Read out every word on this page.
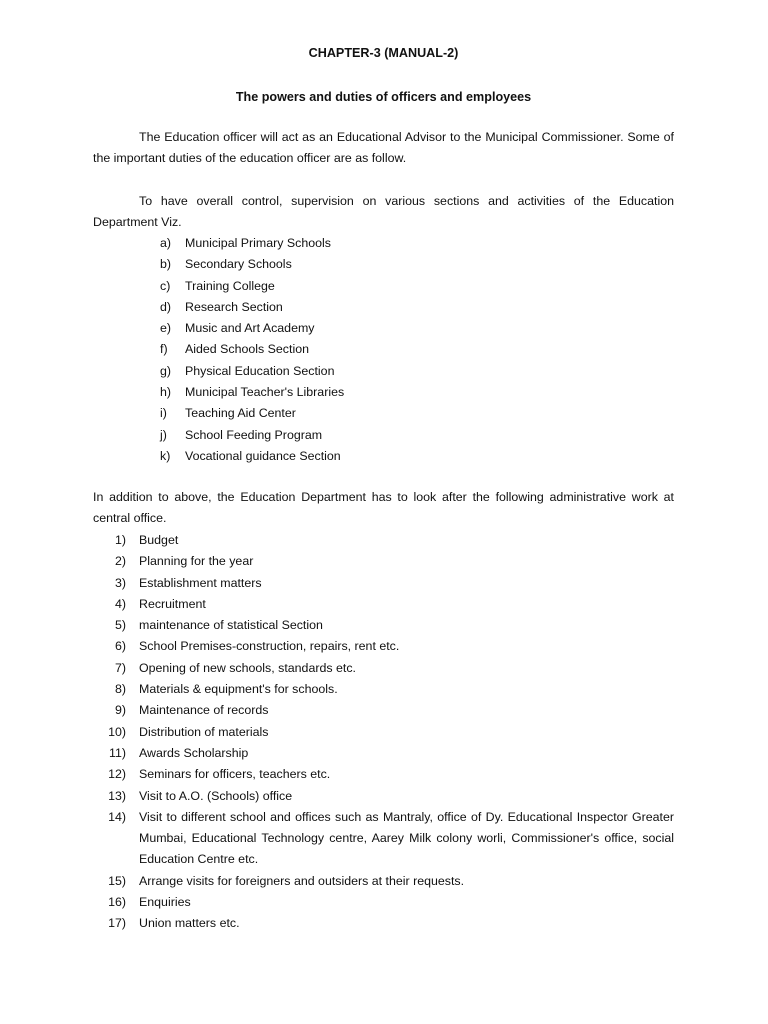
CHAPTER-3 (MANUAL-2)
The powers and duties of officers and employees

The Education officer will act as an Educational Advisor to the Municipal Commissioner. Some of the important duties of the education officer are as follow.

To have overall control, supervision on various sections and activities of the Education Department Viz.

a)	Municipal Primary Schools
b)	Secondary Schools
c)	Training College
d)	Research Section
e)	Music and Art Academy
f)	Aided Schools Section
g)	Physical Education Section
h)	Municipal Teacher's Libraries
i)	Teaching Aid Center
j)	School Feeding Program
k)	Vocational guidance Section

In addition to above, the Education Department has to look after the following administrative work at central office.

1) Budget
2) Planning for the year
3) Establishment matters
4) Recruitment
5) maintenance of statistical Section
6) School Premises-construction, repairs, rent etc.
7) Opening of new schools, standards etc.
8) Materials & equipment's for schools.
9) Maintenance of records
10) Distribution of materials
11) Awards Scholarship
12) Seminars for officers, teachers etc.
13) Visit to A.O. (Schools) office
14) Visit to different school and offices such as Mantraly, office of Dy. Educational Inspector Greater Mumbai, Educational Technology centre, Aarey Milk colony worli, Commissioner's office, social Education Centre etc.
15) Arrange visits for foreigners and outsiders at their requests.
16) Enquiries
17) Union matters etc.
